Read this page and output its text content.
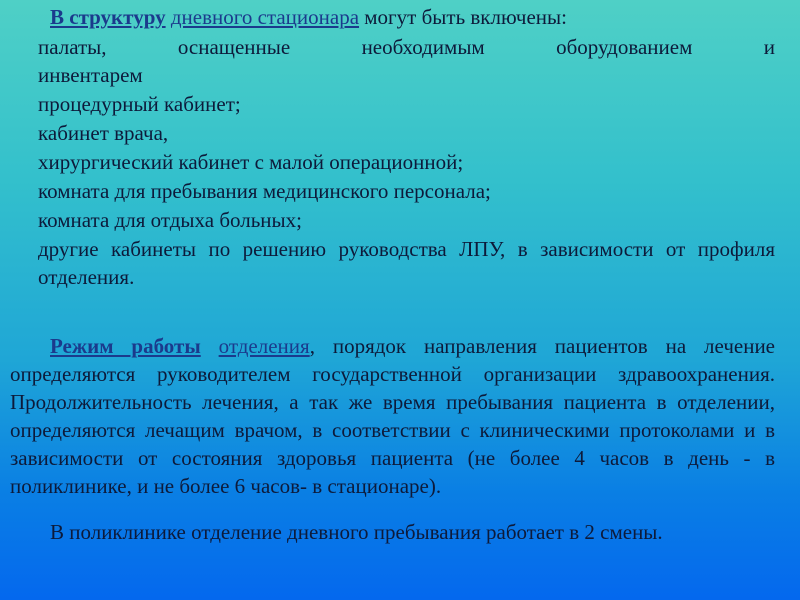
В структуру дневного стационара могут быть включены:

палаты, оснащенные необходимым оборудованием и
инвентарем
процедурный кабинет;
кабинет врача,
хирургический кабинет с малой операционной;
комната для пребывания медицинского персонала;
комната для отдыха больных;
другие кабинеты по решению руководства ЛПУ, в зависимости от профиля отделения.

Режим работы отделения, порядок направления пациентов на лечение определяются руководителем государственной организации здравоохранения. Продолжительность лечения, а так же время пребывания пациента в отделении, определяются лечащим врачом, в соответствии с клиническими протоколами и в зависимости от состояния здоровья пациента (не более 4 часов в день - в поликлинике, и не более 6 часов- в стационаре).

В поликлинике отделение дневного пребывания работает в 2 смены.
